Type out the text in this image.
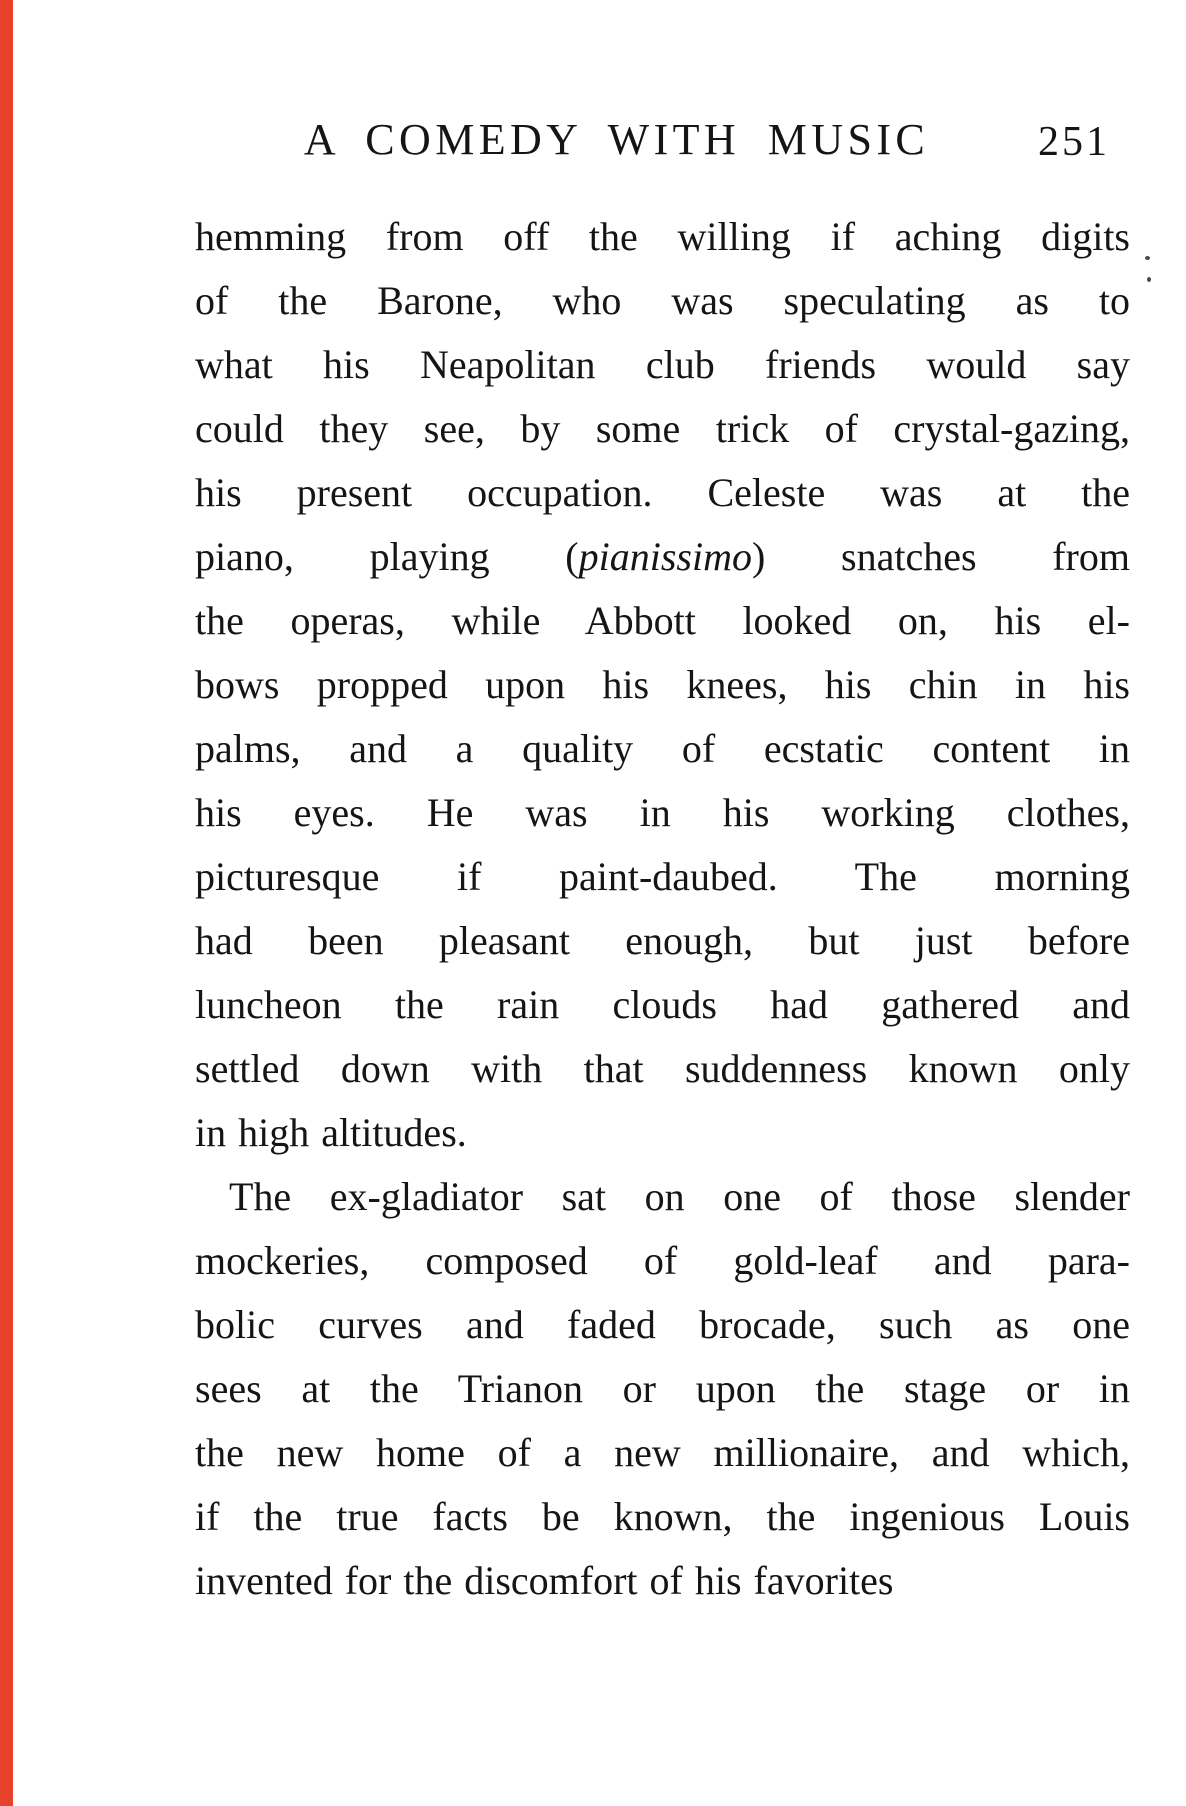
A COMEDY WITH MUSIC	251
hemming from off the willing if aching digits
of the Barone, who was speculating as to
what his Neapolitan club friends would say
could they see, by some trick of crystal-gazing,
his present occupation. Celeste was at the
piano, playing (pianissimo) snatches from
the operas, while Abbott looked on, his el-
bows propped upon his knees, his chin in his
palms, and a quality of ecstatic content in
his eyes. He was in his working clothes,
picturesque if paint-daubed. The morning
had been pleasant enough, but just before
luncheon the rain clouds had gathered and
settled down with that suddenness known only
in high altitudes.
The ex-gladiator sat on one of those slender
mockeries, composed of gold-leaf and para-
bolic curves and faded brocade, such as one
sees at the Trianon or upon the stage or in
the new home of a new millionaire, and which,
if the true facts be known, the ingenious Louis
invented for the discomfort of his favorites
